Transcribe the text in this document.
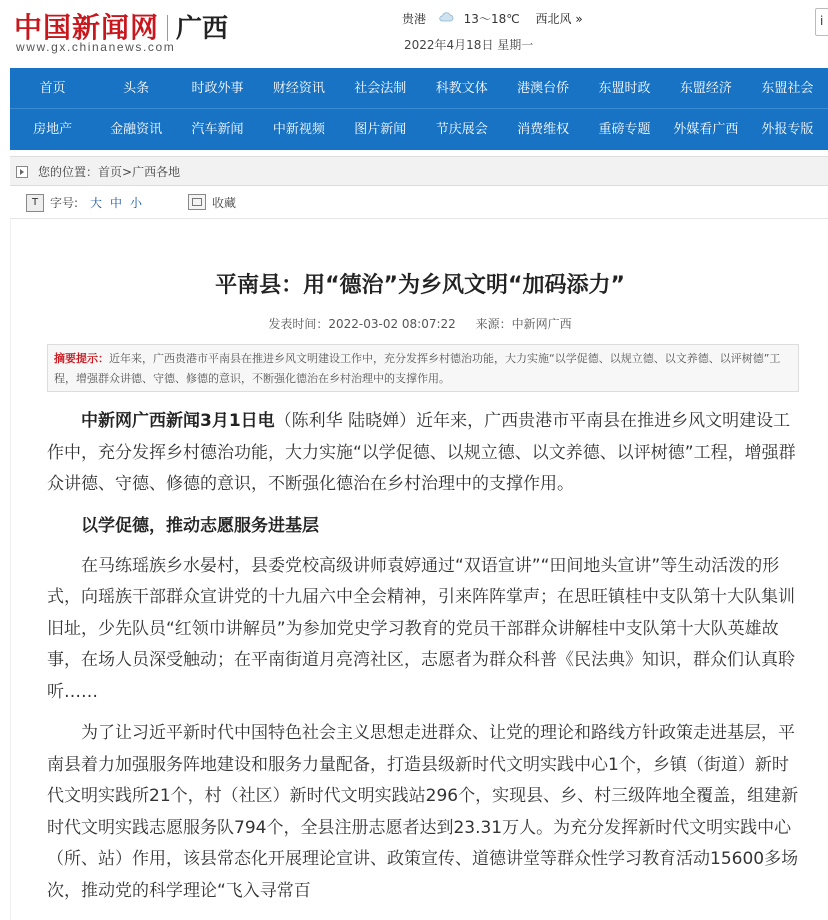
中国新闻网 广西
www.gx.chinanews.com
贵港	13～18℃ 西北风 »
2022年4月18日 星期一
i
首页	头条	时政外事	财经资讯	社会法制	科教文体	港澳台侨	东盟时政	东盟经济	东盟社会
房地产	金融资讯	汽车新闻	中新视频	图片新闻	节庆展会	消费维权	重磅专题	外媒看广西	外报专版
您的位置：首页>广西各地
T 字号: 大 中 小	收藏
平南县：用“德治”为乡风文明“加码添力”
发表时间：2022-03-02 08:07:22 来源：中新网广西
摘要提示：近年来，广西贵港市平南县在推进乡风文明建设工作中，充分发挥乡村德治功能，大力实施“以学促德、以规立德、以文养德、以评树德”工程，增强群众讲德、守德、修德的意识，不断强化德治在乡村治理中的支撑作用。

中新网广西新闻3月1日电（陈利华 陆晓婵）近年来，广西贵港市平南县在推进乡风文明建设工作中，充分发挥乡村德治功能，大力实施“以学促德、以规立德、以文养德、以评树德”工程，增强群众讲德、守德、修德的意识，不断强化德治在乡村治理中的支撑作用。

以学促德，推动志愿服务进基层

在马练瑶族乡水晏村，县委党校高级讲师袁婷通过“双语宣讲”“田间地头宣讲”等生动活泼的形式，向瑶族干部群众宣讲党的十九届六中全会精神，引来阵阵掌声；在思旺镇桂中支队第十大队集训旧址，少先队员“红领巾讲解员”为参加党史学习教育的党员干部群众讲解桂中支队第十大队英雄故事，在场人员深受触动；在平南街道月亮湾社区，志愿者为群众科普《民法典》知识，群众们认真聆听……

为了让习近平新时代中国特色社会主义思想走进群众、让党的理论和路线方针政策走进基层，平南县着力加强服务阵地建设和服务力量配备，打造县级新时代文明实践中心1个，乡镇（街道）新时代文明实践所21个，村（社区）新时代文明实践站296个，实现县、乡、村三级阵地全覆盖，组建新时代文明实践志愿服务队794个，全县注册志愿者达到23.31万人。为充分发挥新时代文明实践中心（所、站）作用，该县常态化开展理论宣讲、政策宣传、道德讲堂等群众性学习教育活动15600多场次，推动党的科学理论“飞入寻常百
